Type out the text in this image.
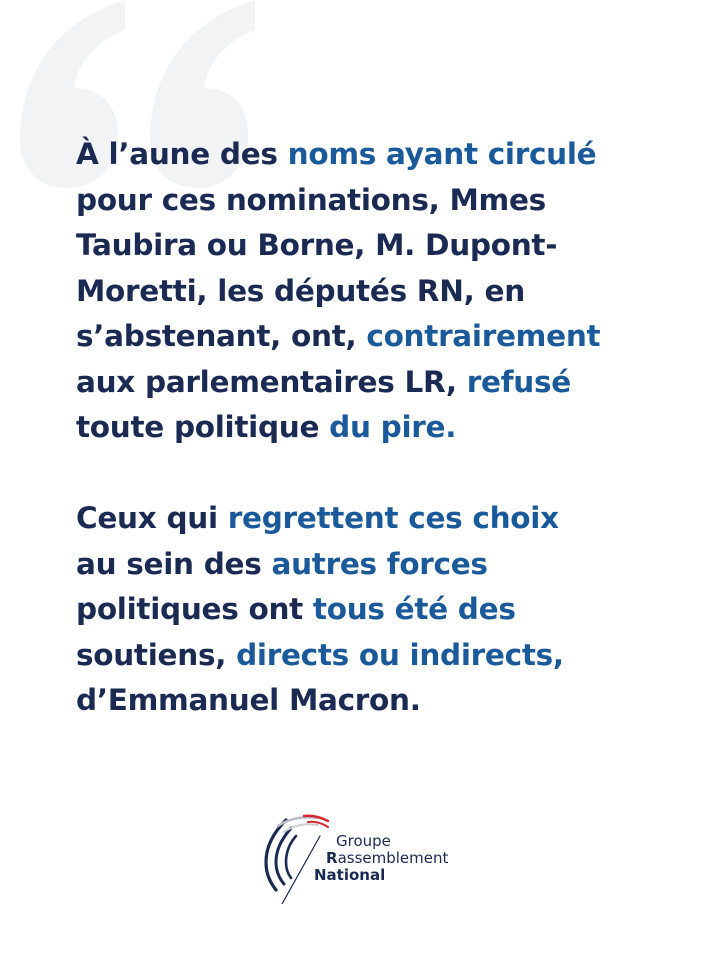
À l’aune des noms ayant circulé
pour ces nominations, Mmes
Taubira ou Borne, M. Dupont-
Moretti, les députés RN, en
s’abstenant, ont, contrairement
aux parlementaires LR, refusé
toute politique du pire.
Ceux qui regrettent ces choix
au sein des autres forces
politiques ont tous été des
soutiens, directs ou indirects,
d’Emmanuel Macron.
Groupe
Rassemblement
National
